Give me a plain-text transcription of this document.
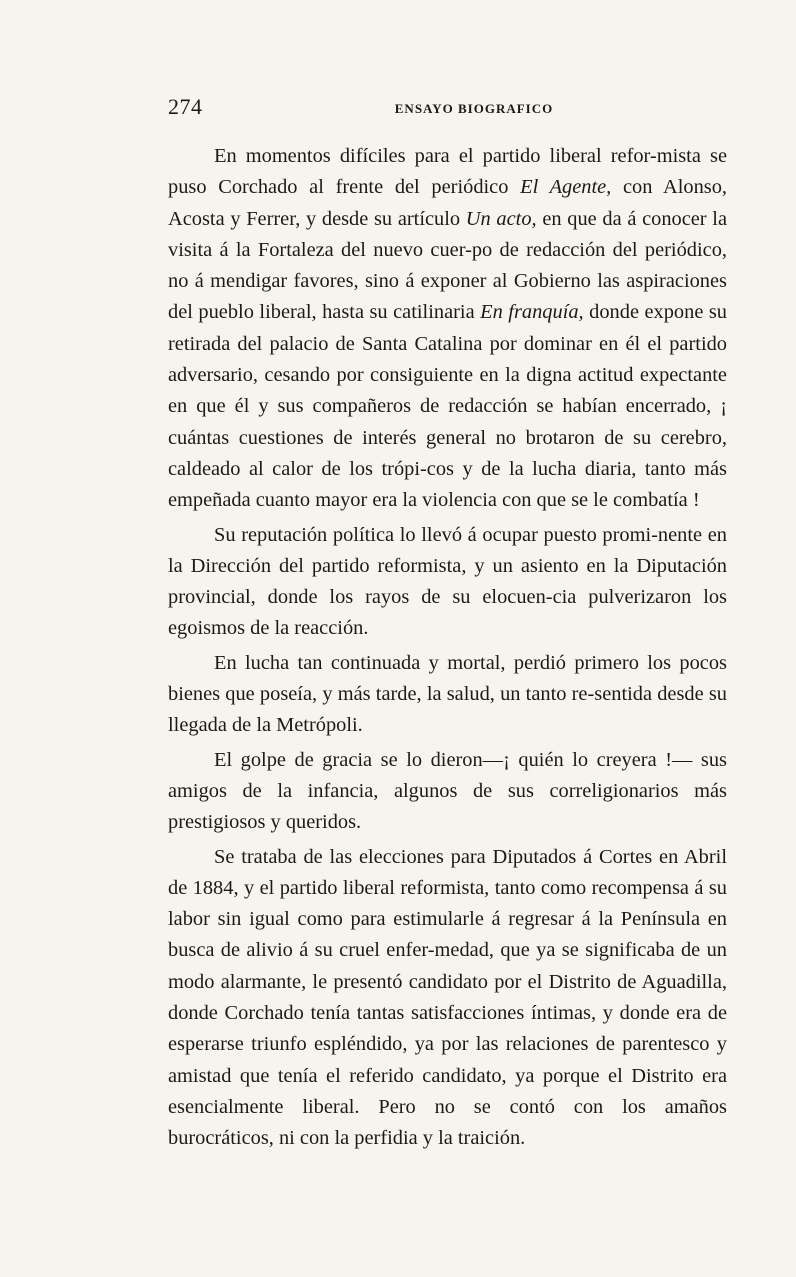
274	ENSAYO BIOGRAFICO

En momentos difíciles para el partido liberal refor-mista se puso Corchado al frente del periódico El Agente, con Alonso, Acosta y Ferrer, y desde su artículo Un acto, en que da á conocer la visita á la Fortaleza del nuevo cuer-po de redacción del periódico, no á mendigar favores, sino á exponer al Gobierno las aspiraciones del pueblo liberal, hasta su catilinaria En franquía, donde expone su retirada del palacio de Santa Catalina por dominar en él el partido adversario, cesando por consiguiente en la digna actitud expectante en que él y sus compañeros de redacción se habían encerrado, ¡ cuántas cuestiones de interés general no brotaron de su cerebro, caldeado al calor de los trópi-cos y de la lucha diaria, tanto más empeñada cuanto mayor era la violencia con que se le combatía !

Su reputación política lo llevó á ocupar puesto promi-nente en la Dirección del partido reformista, y un asiento en la Diputación provincial, donde los rayos de su elocuen-cia pulverizaron los egoismos de la reacción.

En lucha tan continuada y mortal, perdió primero los pocos bienes que poseía, y más tarde, la salud, un tanto re-sentida desde su llegada de la Metrópoli.

El golpe de gracia se lo dieron—¡ quién lo creyera !— sus amigos de la infancia, algunos de sus correligionarios más prestigiosos y queridos.

Se trataba de las elecciones para Diputados á Cortes en Abril de 1884, y el partido liberal reformista, tanto como recompensa á su labor sin igual como para estimularle á regresar á la Península en busca de alivio á su cruel enfer-medad, que ya se significaba de un modo alarmante, le presentó candidato por el Distrito de Aguadilla, donde Corchado tenía tantas satisfacciones íntimas, y donde era de esperarse triunfo espléndido, ya por las relaciones de parentesco y amistad que tenía el referido candidato, ya porque el Distrito era esencialmente liberal. Pero no se contó con los amaños burocráticos, ni con la perfidia y la traición.
